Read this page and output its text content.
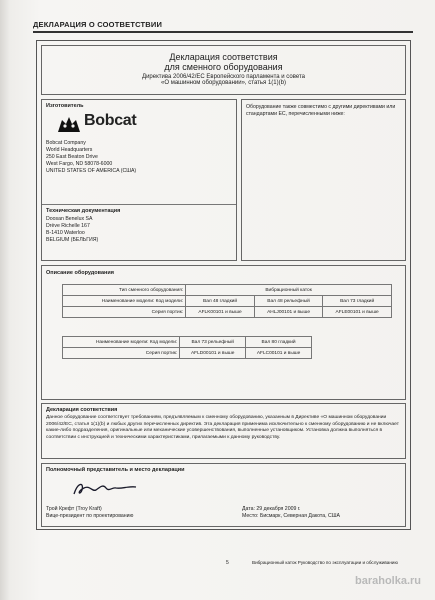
ДЕКЛАРАЦИЯ О СООТВЕТСТВИИ
Декларация соответствия
для сменного оборудования
Директива 2006/42/ЕС Европейского парламента и совета
«О машинном оборудовании», статья 1(1)(b)
Изготовитель
Bobcat
Bobcat Company
World Headquarters
250 East Beaton Drive
West Fargo, ND 58078-6000
UNITED STATES OF AMERICA (США)
Техническая документация
Doosan Benelux SA
Drève Richelle 167
B-1410 Waterloo
BELGIUM (БЕЛЬГИЯ)
Оборудование также совместимо с другими директивами или стандартами ЕС, перечисленными ниже:
Описание оборудования
Тип сменного оборудования:	Вибрационный каток		
Наименование модели: Код модели:	Вал 48 гладкий	Вал 48 рельефный	Вал 73 гладкий
Серия портик:	AFLK00101 и выше	AHLJ00101 и выше	AFLE00101 и выше
Наименование модели: Код модели:	Вал 73 рельефный	Вал 80 гладкий
Серия портик:	AFLD00101 и выше	AFLC00101 и выше
Декларация соответствия
Данное оборудование соответствует требованиям, предъявляемым к сменному оборудованию, указанным в Директиве «О машинном оборудовании 2006/42/ЕС, статья 1(1)(b) и любых других перечисленных директив. Эта декларация применима исключительно к сменному оборудованию и не включает какие-либо подразделения, оригинальные или механические усовершенствования, выполненные установщиком. Установка должна выполняться в соответствии с инструкцией и техническими характеристиками, прилагаемыми к данному руководству.
Полномочный представитель и место декларации
Трой Крефт (Troy Kraft)
Вице-президент по проектированию
Дата: 29 декабря 2009 г.
Место: Бисмарк, Северная Дакота, США
5	Вибрационный каток Руководство по эксплуатации и обслуживанию
baraholka.ru
